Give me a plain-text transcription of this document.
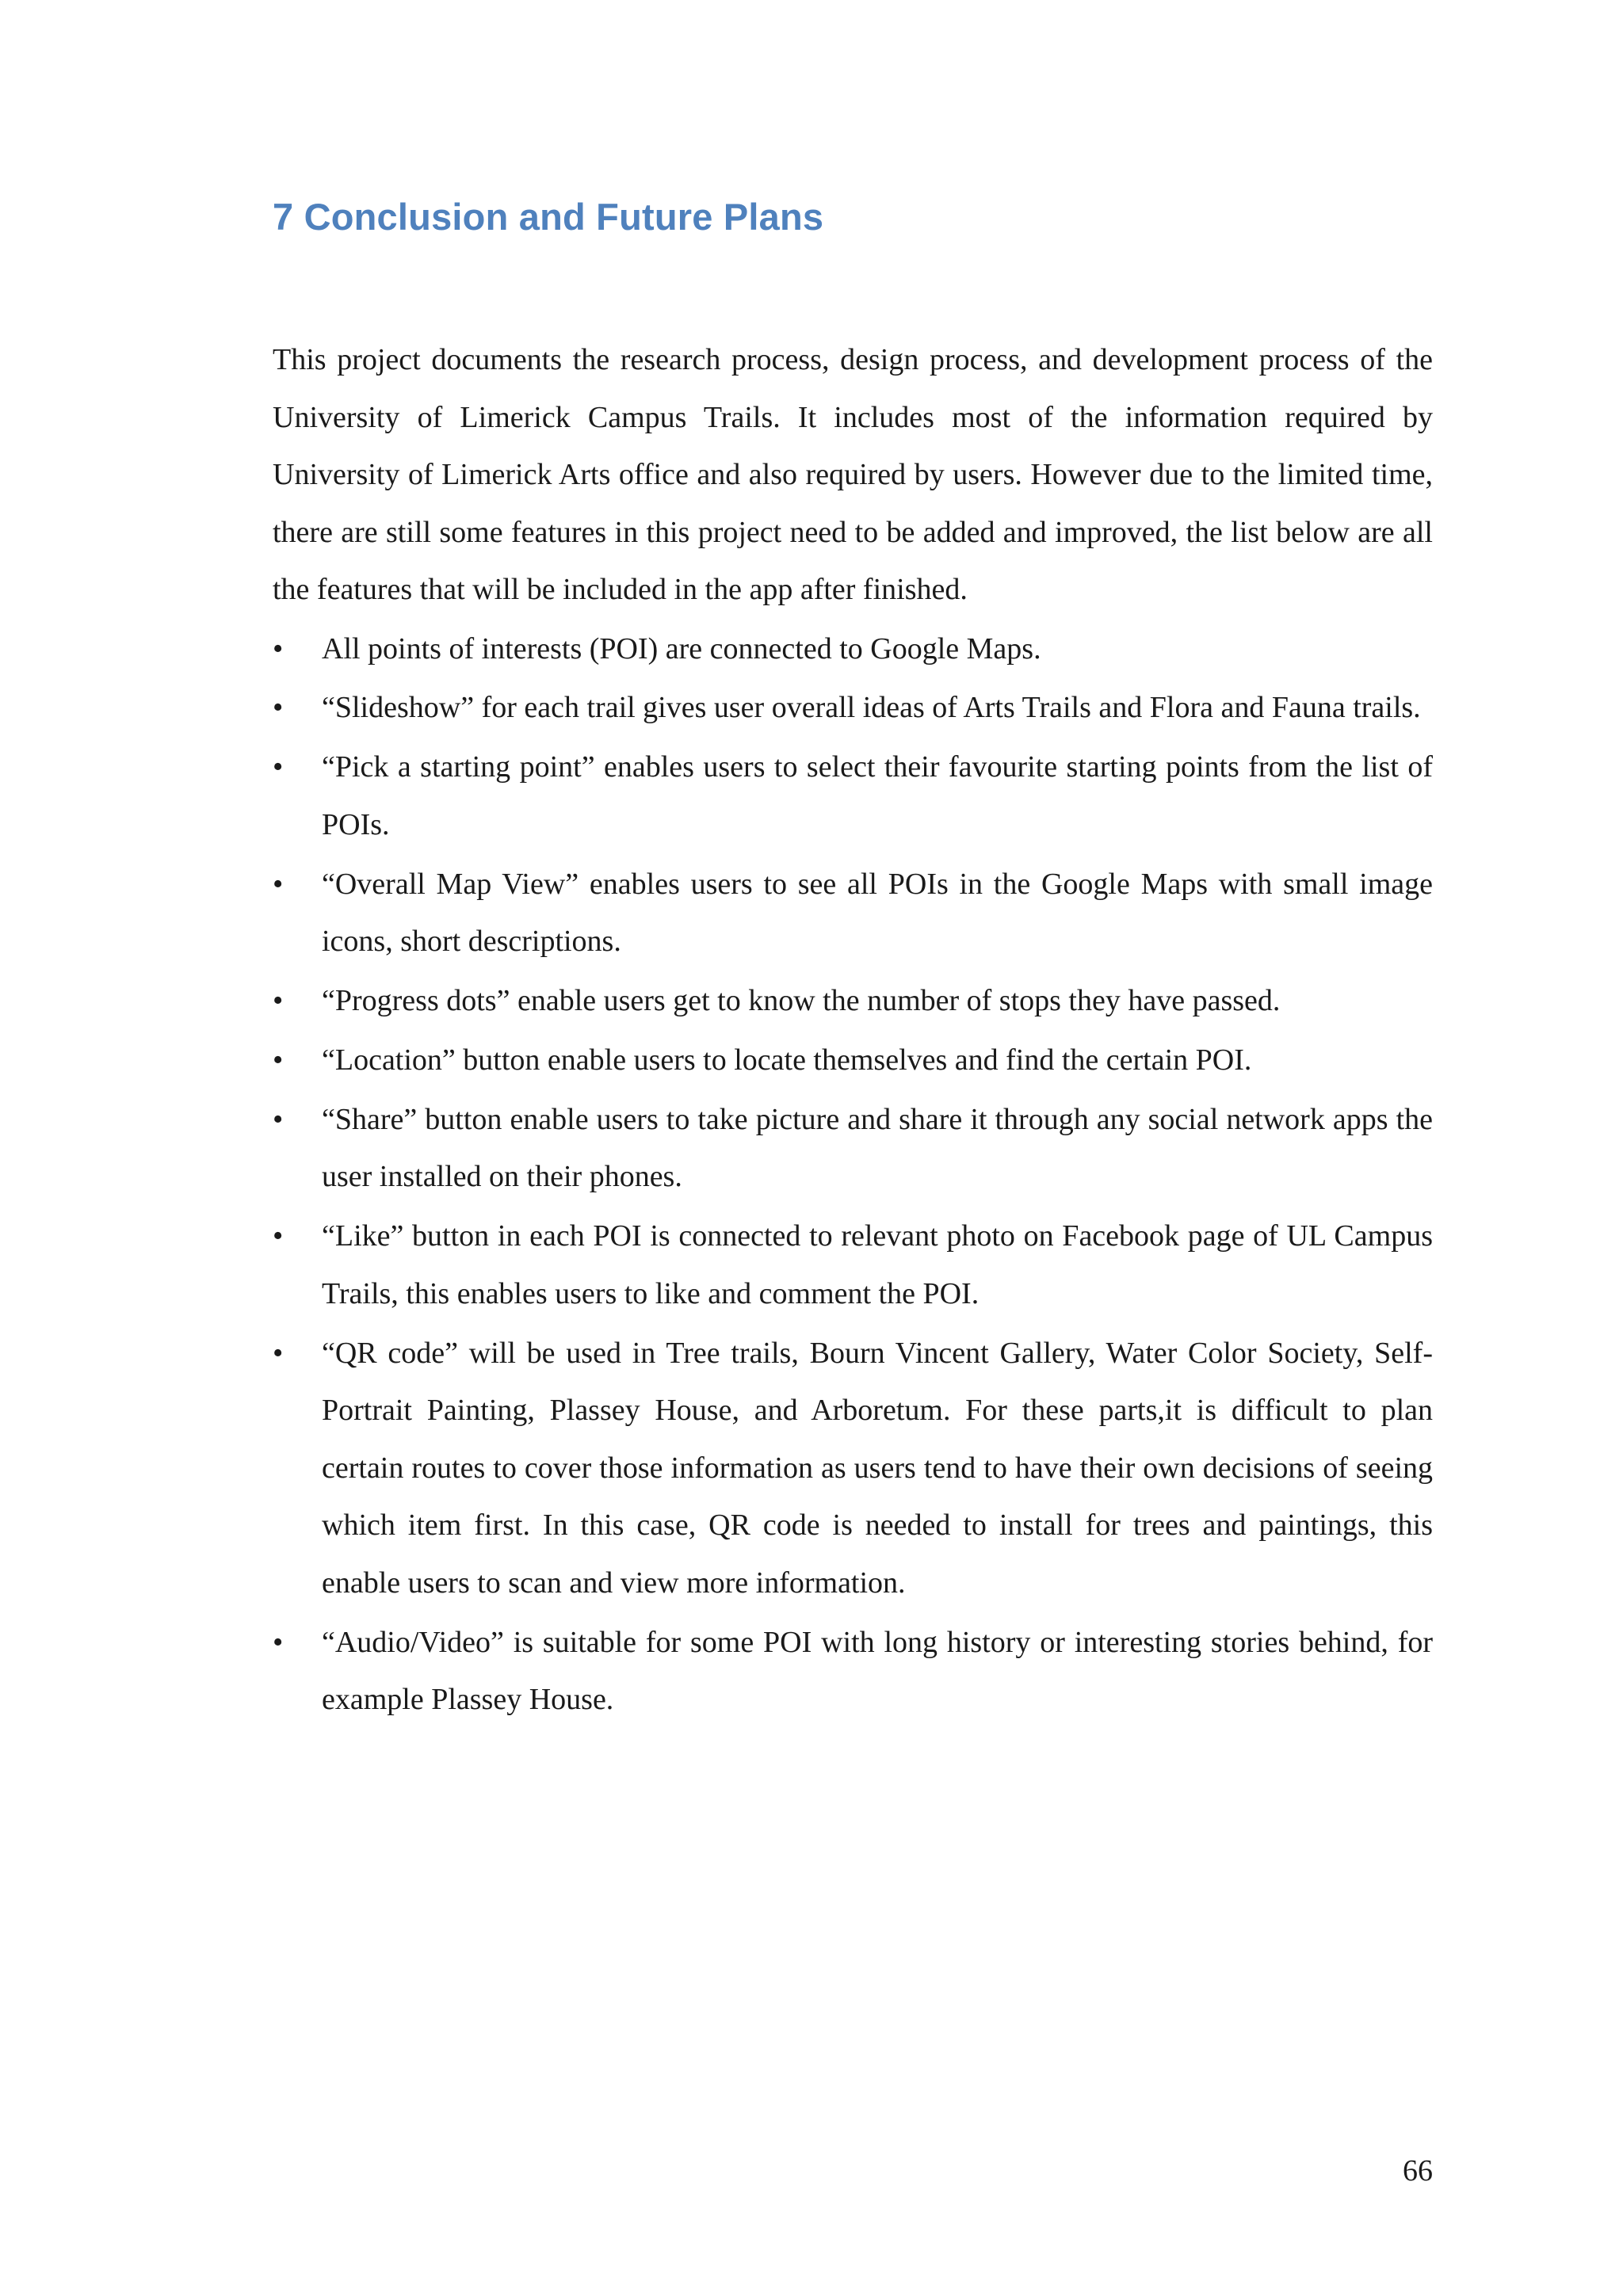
7 Conclusion and Future Plans

This project documents the research process, design process, and development process of the University of Limerick Campus Trails. It includes most of the information required by University of Limerick Arts office and also required by users. However due to the limited time, there are still some features in this project need to be added and improved, the list below are all the features that will be included in the app after finished.

•	All points of interests (POI) are connected to Google Maps.
•	“Slideshow” for each trail gives user overall ideas of Arts Trails and Flora and Fauna trails.
•	“Pick a starting point” enables users to select their favourite starting points from the list of POIs.
•	“Overall Map View” enables users to see all POIs in the Google Maps with small image icons, short descriptions.
•	“Progress dots” enable users get to know the number of stops they have passed.
•	“Location” button enable users to locate themselves and find the certain POI.
•	“Share” button enable users to take picture and share it through any social network apps the user installed on their phones.
•	“Like” button in each POI is connected to relevant photo on Facebook page of UL Campus Trails, this enables users to like and comment the POI.
•	“QR code” will be used in Tree trails, Bourn Vincent Gallery, Water Color Society, Self-Portrait Painting, Plassey House, and Arboretum. For these parts,it is difficult to plan certain routes to cover those information as users tend to have their own decisions of seeing which item first. In this case, QR code is needed to install for trees and paintings, this enable users to scan and view more information.
•	“Audio/Video” is suitable for some POI with long history or interesting stories behind, for example Plassey House.
66
